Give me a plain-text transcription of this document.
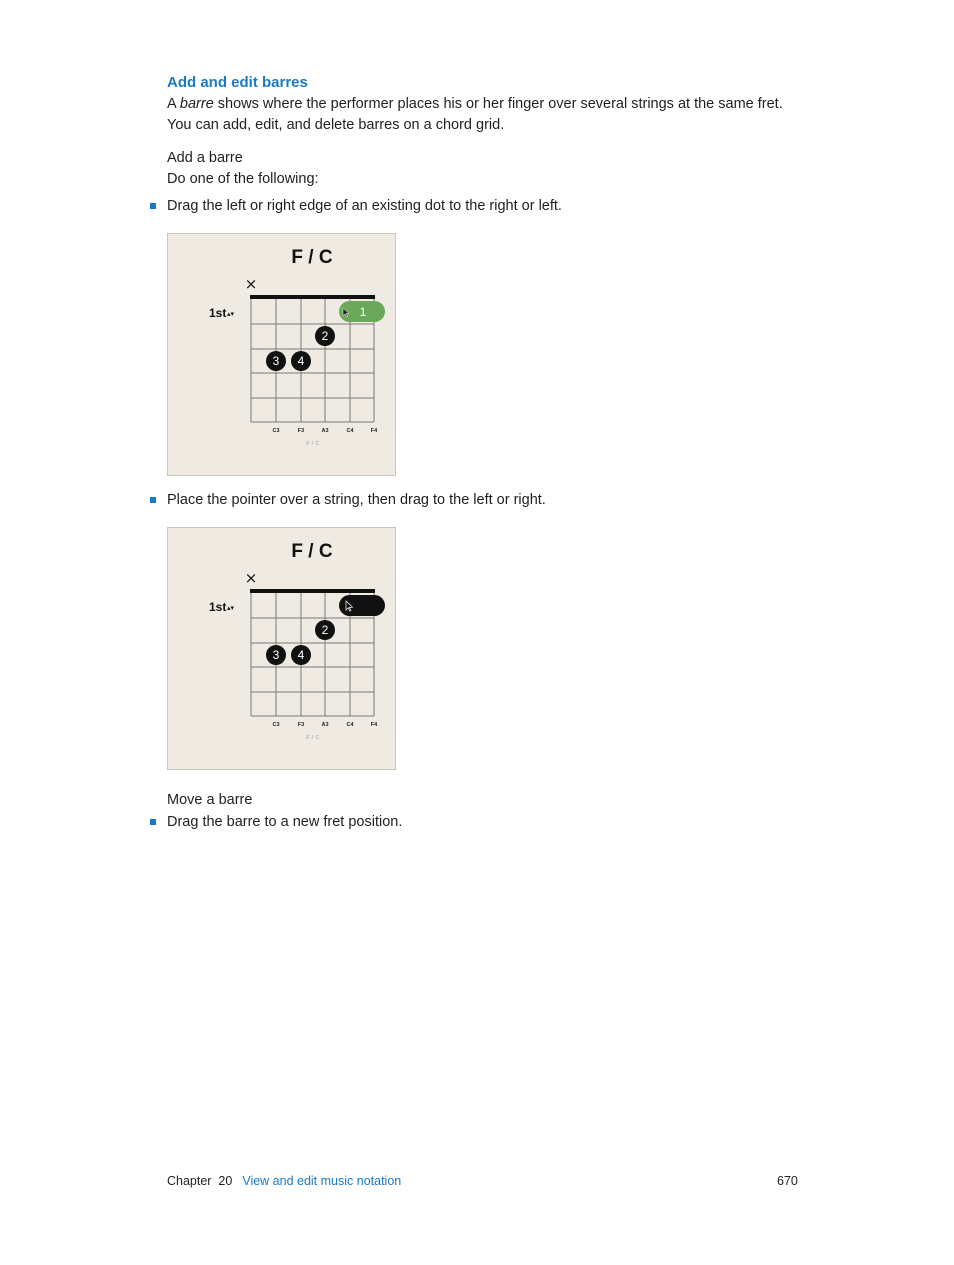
Add and edit barres
A barre shows where the performer places his or her finger over several strings at the same fret.
You can add, edit, and delete barres on a chord grid.
Add a barre
Do one of the following:
Drag the left or right edge of an existing dot to the right or left.
F / C
×
1st ▴▾	1
2
3 4
C3	F3	A3	C4	F4
F / C
Place the pointer over a string, then drag to the left or right.
F / C
×
1st ▴▾
2
3 4
C3	F3	A3	C4	F4
F / C
Move a barre
Drag the barre to a new fret position.
Chapter  20 View and edit music notation	670
